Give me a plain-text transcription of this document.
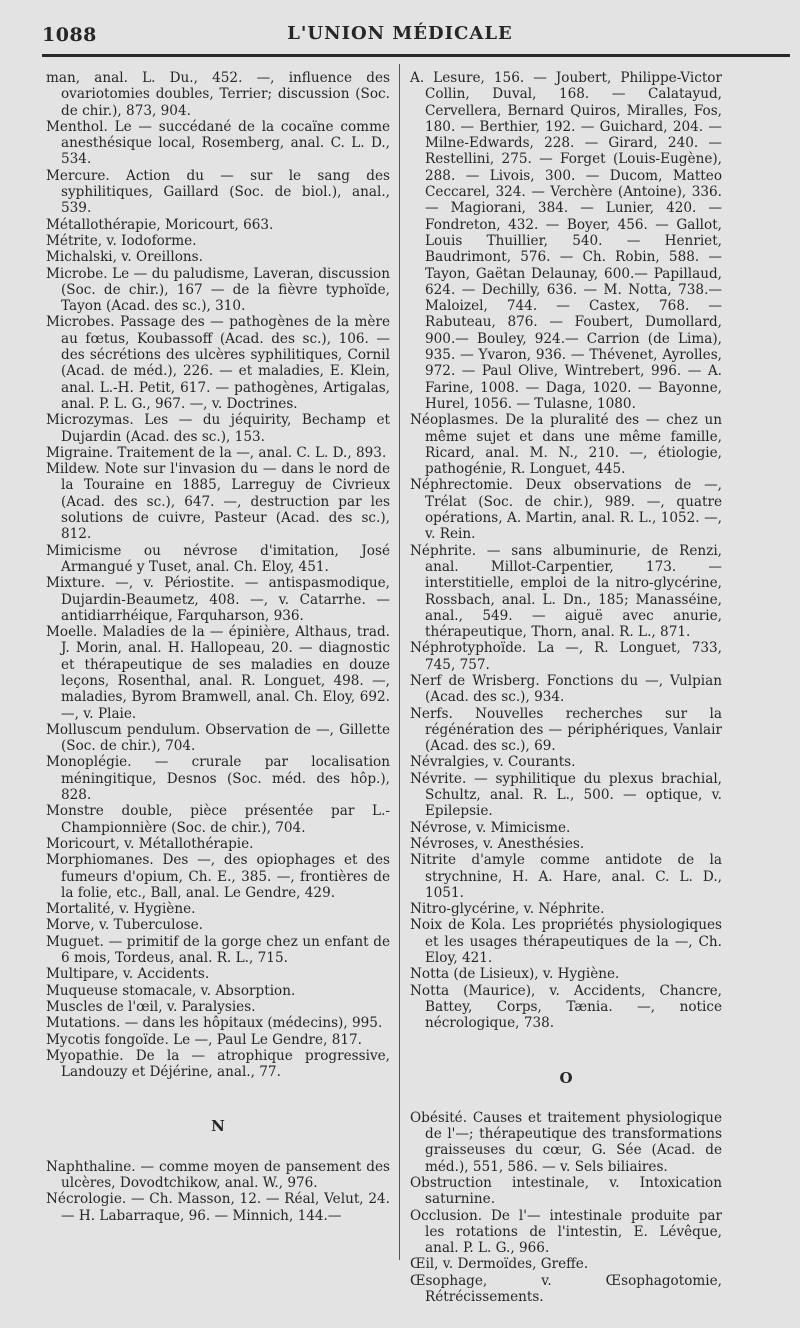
1088	L'UNION MÉDICALE

man, anal. L. Du., 452. —, influence des ovariotomies doubles, Terrier; discussion (Soc. de chir.), 873, 904.

Menthol. Le — succédané de la cocaïne comme anesthésique local, Rosemberg, anal. C. L. D., 534.

Mercure. Action du — sur le sang des syphilitiques, Gaillard (Soc. de biol.), anal., 539.

Métallothérapie, Moricourt, 663.

Métrite, v. Iodoforme.

Michalski, v. Oreillons.

Microbe. Le — du paludisme, Laveran, discussion (Soc. de chir.), 167 — de la fièvre typhoïde, Tayon (Acad. des sc.), 310.

Microbes. Passage des — pathogènes de la mère au fœtus, Koubassoff (Acad. des sc.), 106. — des sécrétions des ulcères syphilitiques, Cornil (Acad. de méd.), 226. — et maladies, E. Klein, anal. L.-H. Petit, 617. — pathogènes, Artigalas, anal. P. L. G., 967. —, v. Doctrines.

Microzymas. Les — du jéquirity, Bechamp et Dujardin (Acad. des sc.), 153.

Migraine. Traitement de la —, anal. C. L. D., 893.

Mildew. Note sur l'invasion du — dans le nord de la Touraine en 1885, Larreguy de Civrieux (Acad. des sc.), 647. —, destruction par les solutions de cuivre, Pasteur (Acad. des sc.), 812.

Mimicisme ou névrose d'imitation, José Armangué y Tuset, anal. Ch. Eloy, 451.

Mixture. —, v. Périostite. — antispasmodique, Dujardin-Beaumetz, 408. —, v. Catarrhe. — antidiarrhéique, Farquharson, 936.

Moelle. Maladies de la — épinière, Althaus, trad. J. Morin, anal. H. Hallopeau, 20. — diagnostic et thérapeutique de ses maladies en douze leçons, Rosenthal, anal. R. Longuet, 498. —, maladies, Byrom Bramwell, anal. Ch. Eloy, 692. —, v. Plaie.

Molluscum pendulum. Observation de —, Gillette (Soc. de chir.), 704.

Monoplégie. — crurale par localisation méningitique, Desnos (Soc. méd. des hôp.), 828.

Monstre double, pièce présentée par L.-Championnière (Soc. de chir.), 704.

Moricourt, v. Métallothérapie.

Morphiomanes. Des —, des opiophages et des fumeurs d'opium, Ch. E., 385. —, frontières de la folie, etc., Ball, anal. Le Gendre, 429.

Mortalité, v. Hygiène.

Morve, v. Tuberculose.

Muguet. — primitif de la gorge chez un enfant de 6 mois, Tordeus, anal. R. L., 715.

Multipare, v. Accidents.

Muqueuse stomacale, v. Absorption.

Muscles de l'œil, v. Paralysies.

Mutations. — dans les hôpitaux (médecins), 995.

Mycotis fongoïde. Le —, Paul Le Gendre, 817.

Myopathie. De la — atrophique progressive, Landouzy et Déjérine, anal., 77.

N

Naphthaline. — comme moyen de pansement des ulcères, Dovodtchikow, anal. W., 976.

Nécrologie. — Ch. Masson, 12. — Réal, Velut, 24. — H. Labarraque, 96. — Minnich, 144.—

A. Lesure, 156. — Joubert, Philippe-Victor Collin, Duval, 168. — Calatayud, Cervellera, Bernard Quiros, Miralles, Fos, 180. — Berthier, 192. — Guichard, 204. — Milne-Edwards, 228. — Girard, 240. — Restellini, 275. — Forget (Louis-Eugène), 288. — Livois, 300. — Ducom, Matteo Ceccarel, 324. — Verchère (Antoine), 336. — Magiorani, 384. — Lunier, 420. — Fondreton, 432. — Boyer, 456. — Gallot, Louis Thuillier, 540. — Henriet, Baudrimont, 576. — Ch. Robin, 588. — Tayon, Gaëtan Delaunay, 600.— Papillaud, 624. — Dechilly, 636. — M. Notta, 738.— Maloizel, 744. — Castex, 768. — Rabuteau, 876. — Foubert, Dumollard, 900.— Bouley, 924.— Carrion (de Lima), 935. — Yvaron, 936. — Thévenet, Ayrolles, 972. — Paul Olive, Wintrebert, 996. — A. Farine, 1008. — Daga, 1020. — Bayonne, Hurel, 1056. — Tulasne, 1080.

Néoplasmes. De la pluralité des — chez un même sujet et dans une même famille, Ricard, anal. M. N., 210. —, étiologie, pathogénie, R. Longuet, 445.

Néphrectomie. Deux observations de —, Trélat (Soc. de chir.), 989. —, quatre opérations, A. Martin, anal. R. L., 1052. —, v. Rein.

Néphrite. — sans albuminurie, de Renzi, anal. Millot-Carpentier, 173. — interstitielle, emploi de la nitro-glycérine, Rossbach, anal. L. Dn., 185; Manasséine, anal., 549. — aiguë avec anurie, thérapeutique, Thorn, anal. R. L., 871.

Néphrotyphoïde. La —, R. Longuet, 733, 745, 757.

Nerf de Wrisberg. Fonctions du —, Vulpian (Acad. des sc.), 934.

Nerfs. Nouvelles recherches sur la régénération des — périphériques, Vanlair (Acad. des sc.), 69.

Névralgies, v. Courants.

Névrite. — syphilitique du plexus brachial, Schultz, anal. R. L., 500. — optique, v. Epilepsie.

Névrose, v. Mimicisme.

Névroses, v. Anesthésies.

Nitrite d'amyle comme antidote de la strychnine, H. A. Hare, anal. C. L. D., 1051.

Nitro-glycérine, v. Néphrite.

Noix de Kola. Les propriétés physiologiques et les usages thérapeutiques de la —, Ch. Eloy, 421.

Notta (de Lisieux), v. Hygiène.

Notta (Maurice), v. Accidents, Chancre, Battey, Corps, Tænia. —, notice nécrologique, 738.

O

Obésité. Causes et traitement physiologique de l'—; thérapeutique des transformations graisseuses du cœur, G. Sée (Acad. de méd.), 551, 586. — v. Sels biliaires.

Obstruction intestinale, v. Intoxication saturnine.

Occlusion. De l'— intestinale produite par les rotations de l'intestin, E. Lévêque, anal. P. L. G., 966.

Œil, v. Dermoïdes, Greffe.

Œsophage, v. Œsophagotomie, Rétrécissements.
